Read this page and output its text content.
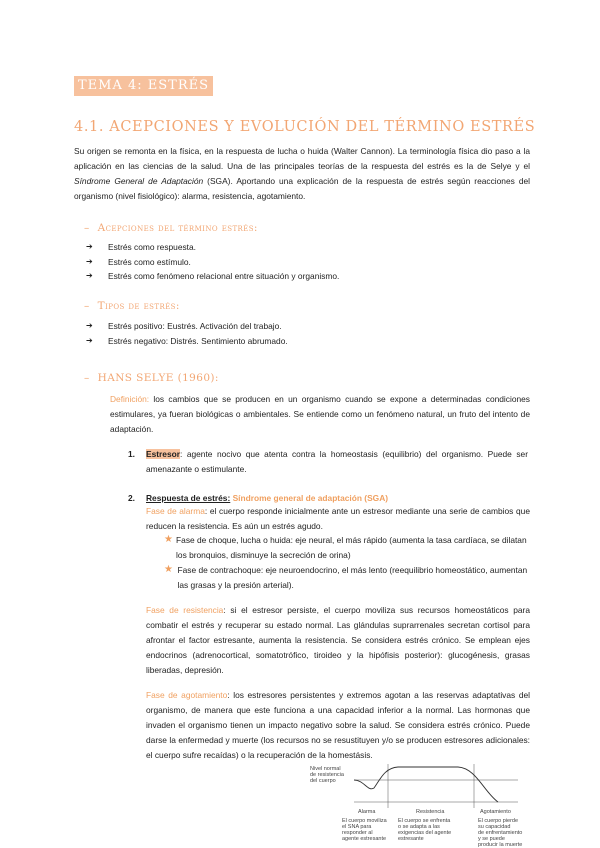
TEMA 4: ESTRÉS
4.1. ACEPCIONES Y EVOLUCIÓN DEL TÉRMINO ESTRÉS
Su origen se remonta en la física, en la respuesta de lucha o huida (Walter Cannon). La terminología física dio paso a la aplicación en las ciencias de la salud. Una de las principales teorías de la respuesta del estrés es la de Selye y el Síndrome General de Adaptación (SGA). Aportando una explicación de la respuesta de estrés según reacciones del organismo (nivel fisiológico): alarma, resistencia, agotamiento.
– Acepciones del término estrés:
➔	Estrés como respuesta.
➔	Estrés como estímulo.
➔	Estrés como fenómeno relacional entre situación y organismo.
– Tipos de estrés:
➔	Estrés positivo: Eustrés. Activación del trabajo.
➔	Estrés negativo: Distrés. Sentimiento abrumado.
– HANS SELYE (1960):
Definición: los cambios que se producen en un organismo cuando se expone a determinadas condiciones estimulares, ya fueran biológicas o ambientales. Se entiende como un fenómeno natural, un fruto del intento de adaptación.
1. Estresor: agente nocivo que atenta contra la homeostasis (equilibrio) del organismo. Puede ser amenazante o estimulante.
2. Respuesta de estrés: Síndrome general de adaptación (SGA)
Fase de alarma: el cuerpo responde inicialmente ante un estresor mediante una serie de cambios que reducen la resistencia. Es aún un estrés agudo.
★ Fase de choque, lucha o huida: eje neural, el más rápido (aumenta la tasa cardíaca, se dilatan los bronquios, disminuye la secreción de orina)
★ Fase de contrachoque: eje neuroendocrino, el más lento (reequilibrio homeostático, aumentan las grasas y la presión arterial).
Fase de resistencia: si el estresor persiste, el cuerpo moviliza sus recursos homeostáticos para combatir el estrés y recuperar su estado normal. Las glándulas suprarrenales secretan cortisol para afrontar el factor estresante, aumenta la resistencia. Se considera estrés crónico. Se emplean ejes endocrinos (adrenocortical, somatotrófico, tiroideo y la hipófisis posterior): glucogénesis, grasas liberadas, depresión.
Fase de agotamiento: los estresores persistentes y extremos agotan a las reservas adaptativas del organismo, de manera que este funciona a una capacidad inferior a la normal. Las hormonas que invaden el organismo tienen un impacto negativo sobre la salud. Se considera estrés crónico. Puede darse la enfermedad y muerte (los recursos no se resustituyen y/o se producen estresores adicionales: el cuerpo sufre recaídas) o la recuperación de la homestásis.
Nivel normal
de resistencia
del cuerpo
Alarma	Resistencia	Agotamiento
El cuerpo moviliza
el SNA para
responder al
agente estresante
El cuerpo se enfrenta
o se adapta a las
exigencias del agente
estresante
El cuerpo pierde
su capacidad
de enfrentamiento
y se puede
producir la muerte
